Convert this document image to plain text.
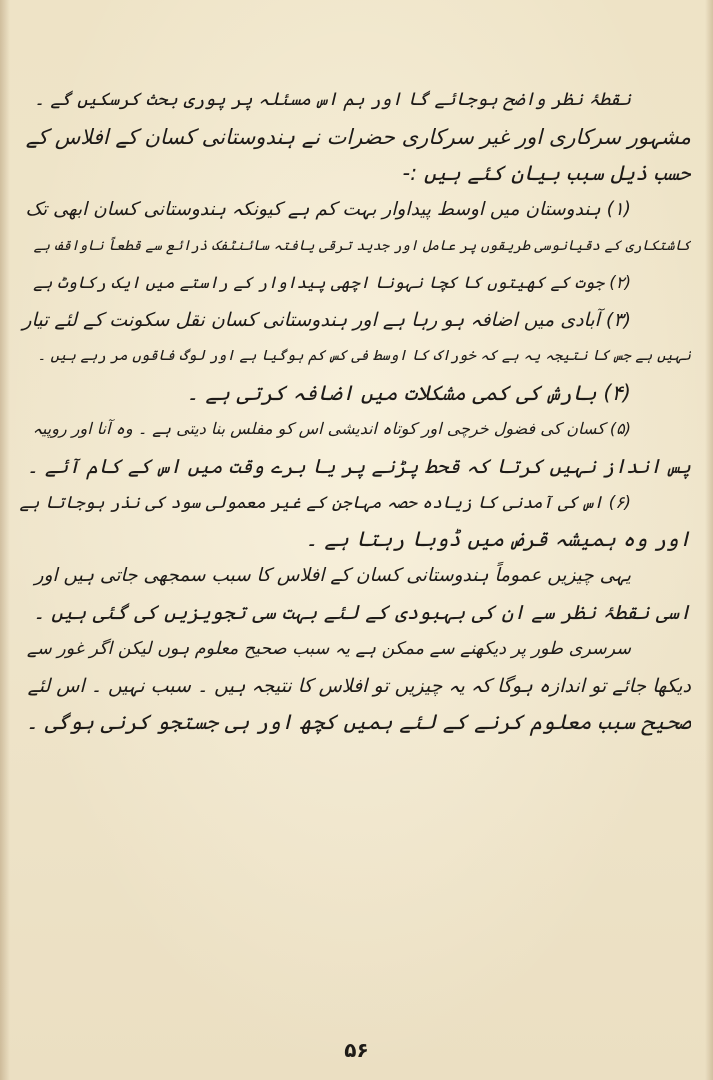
نقطۂ نظر واضح ہوجائے گا اور ہم اس مسئلہ پر پوری بحث کرسکیں گے ۔
مشہور سرکاری اور غیر سرکاری حضرات نے ہندوستانی کسان کے افلاس کے
حسب ذیل سبب بیان کئے ہیں :-
(۱) ہندوستان میں اوسط پیداوار بہت کم ہے کیونکہ ہندوستانی کسان ابھی تک
کاشتکاری کے دقیانوسی طریقوں پر عامل اور جدید ترقی یافتہ سائنٹفک ذرائع سے قطعاً ناواقف ہے
(۲) جوت کے کھیتوں کا کچا نہونا اچھی پیداوار کے راستے میں ایک رکاوٹ ہے
(۳) آبادی میں اضافہ ہو رہا ہے اور ہندوستانی کسان نقل سکونت کے لئے تیار
نہیں ہے جس کا نتیجہ یہ ہے کہ خوراک کا اوسط فی کس کم ہوگیا ہے اور لوگ فاقوں مر رہے ہیں ۔
(۴) بارش کی کمی مشکلات میں اضافہ کرتی ہے ۔
(۵) کسان کی فضول خرچی اور کوتاہ اندیشی اس کو مفلس بنا دیتی ہے ۔ وہ آنا اور روپیہ
پس انداز نہیں کرتا کہ قحط پڑنے پر یا برے وقت میں اس کے کام آئے ۔
(۶) اس کی آمدنی کا زیادہ حصہ مہاجن کے غیر معمولی سود کی نذر ہوجاتا ہے
اور وہ ہمیشہ قرض میں ڈوبا رہتا ہے ۔
یہی چیزیں عموماً ہندوستانی کسان کے افلاس کا سبب سمجھی جاتی ہیں اور
اسی نقطۂ نظر سے ان کی بہبودی کے لئے بہت سی تجویزیں کی گئی ہیں ۔
سرسری طور پر دیکھنے سے ممکن ہے یہ سبب صحیح معلوم ہوں لیکن اگر غور سے
دیکھا جائے تو اندازہ ہوگا کہ یہ چیزیں تو افلاس کا نتیجہ ہیں ۔ سبب نہیں ۔ اس لئے
صحیح سبب معلوم کرنے کے لئے ہمیں کچھ اور ہی جستجو کرنی ہوگی ۔
۵۶
